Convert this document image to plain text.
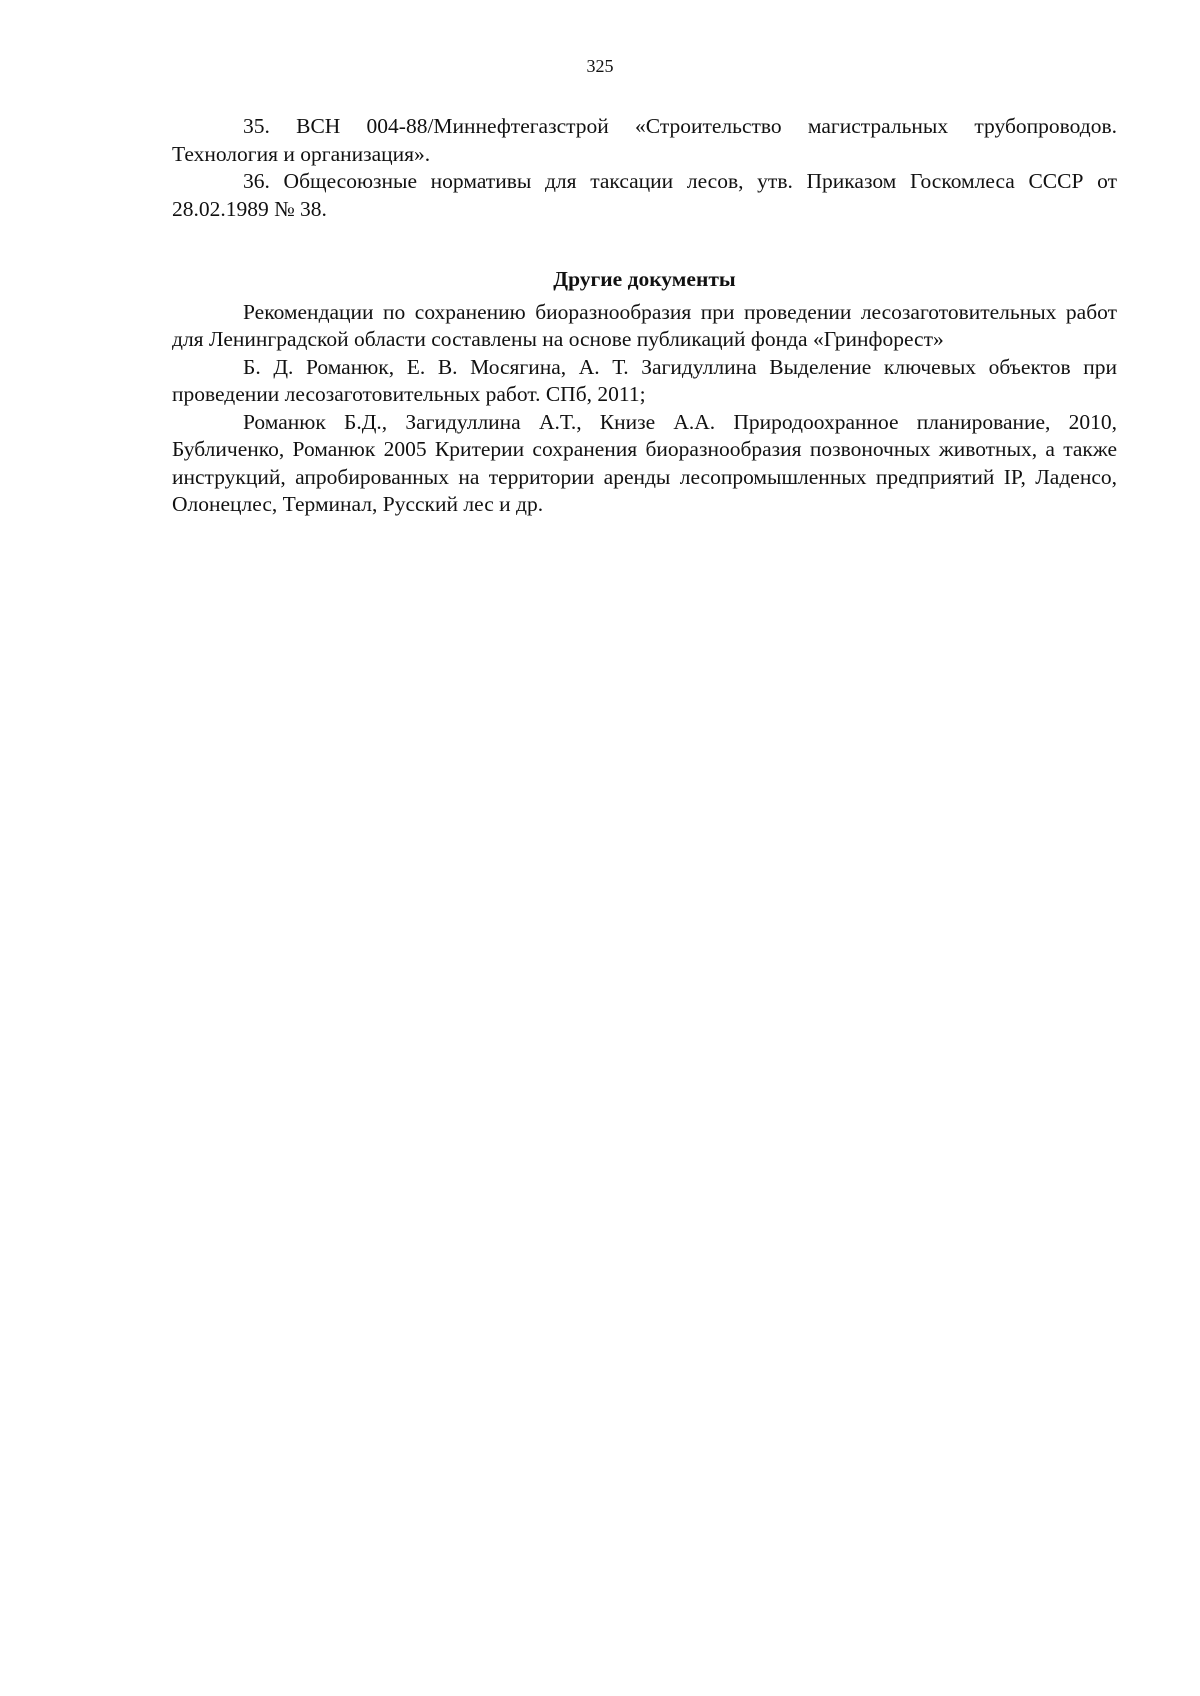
325

35. ВСН 004-88/Миннефтегазстрой «Строительство магистральных трубопроводов. Технология и организация».

36. Общесоюзные нормативы для таксации лесов, утв. Приказом Госкомлеса СССР от 28.02.1989 № 38.

Другие документы

Рекомендации по сохранению биоразнообразия при проведении лесозаготовительных работ для Ленинградской области составлены на основе публикаций фонда «Гринфорест»

Б. Д. Романюк, Е. В. Мосягина, А. Т. Загидуллина Выделение ключевых объектов при проведении лесозаготовительных работ. СПб, 2011;

Романюк Б.Д., Загидуллина А.Т., Книзе А.А. Природоохранное планирование, 2010, Бубличенко, Романюк 2005 Критерии сохранения биоразнообразия позвоночных животных, а также инструкций, апробированных на территории аренды лесопромышленных предприятий IP, Ладенсо, Олонецлес, Терминал, Русский лес и др.
